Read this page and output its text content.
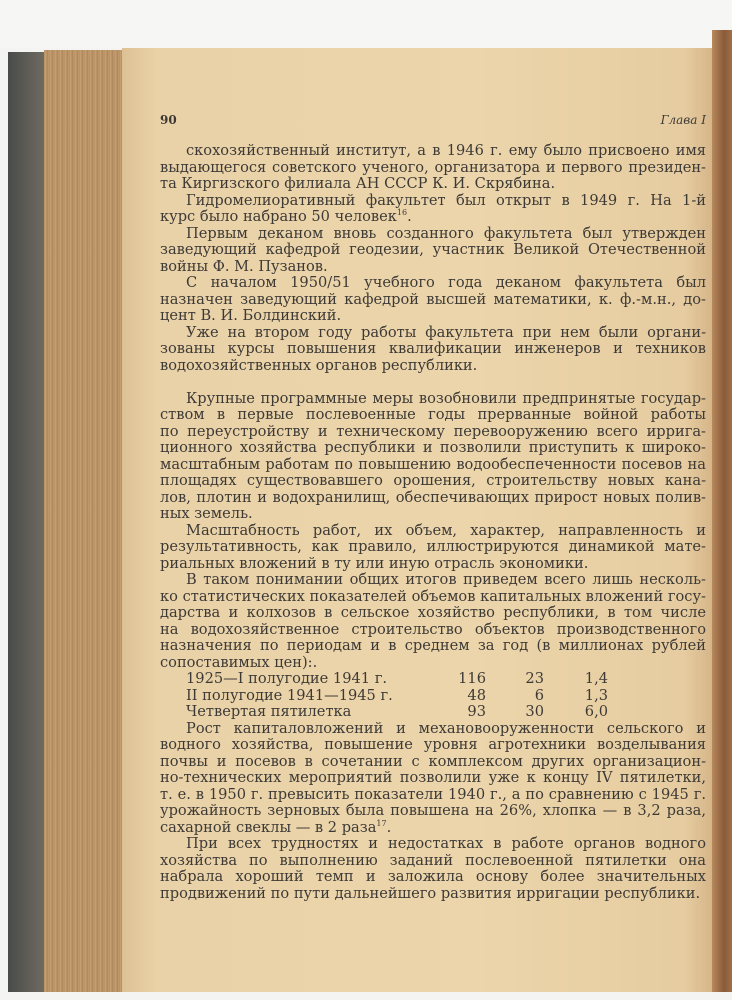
90	Глава I
скохозяйственный институт, а в 1946 г. ему было присвоено имя
выдающегося советского ученого, организатора и первого президен-
та Киргизского филиала АН СССР К. И. Скрябина.
Гидромелиоративный факультет был открыт в 1949 г. На 1-й
курс было набрано 50 человек$^{16}$.
Первым деканом вновь созданного факультета был утвержден
заведующий кафедрой геодезии, участник Великой Отечественной
войны Ф. М. Пузанов.
С началом 1950/51 учебного года деканом факультета был
назначен заведующий кафедрой высшей математики, к. ф.-м.н., до-
цент В. И. Болдинский.
Уже на втором году работы факультета при нем были органи-
зованы курсы повышения квалификации инженеров и техников
водохозяйственных органов республики.
Крупные программные меры возобновили предпринятые государ-
ством в первые послевоенные годы прерванные войной работы
по переустройству и техническому перевооружению всего ирригa-
ционного хозяйства республики и позволили приступить к широко-
масштабным работам по повышению водообеспеченности посевов на
площадях существовавшего орошения, строительству новых кана-
лов, плотин и водохранилищ, обеспечивающих прирост новых полив-
ных земель.
Масштабность работ, их объем, характер, направленность и
результативность, как правило, иллюстрируются динамикой мате-
риальных вложений в ту или иную отрасль экономики.
В таком понимании общих итогов приведем всего лишь несколь-
ко статистических показателей объемов капитальных вложений госу-
дарства и колхозов в сельское хозяйство республики, в том числе
на водохозяйственное строительство объектов производственного
назначения по периодам и в среднем за год (в миллионах рублей
сопоставимых цен):.
1925—I полугодие 1941 г.	116	23	1,4
II полугодие 1941—1945 г.	48	6	1,3
Четвертая пятилетка	93	30	6,0
Рост капиталовложений и механовооруженности сельского и
водного хозяйства, повышение уровня агротехники возделывания
почвы и посевов в сочетании с комплексом других организацион-
но-технических мероприятий позволили уже к концу IV пятилетки,
т. е. в 1950 г. превысить показатели 1940 г., а по сравнению с 1945 г.
урожайность зерновых была повышена на 26%, хлопка — в 3,2 раза,
сахарной свеклы — в 2 раза$^{17}$.
При всех трудностях и недостатках в работе органов водного
хозяйства по выполнению заданий послевоенной пятилетки она
набрала хороший темп и заложила основу более значительных
продвижений по пути дальнейшего развития ирригации республики.
